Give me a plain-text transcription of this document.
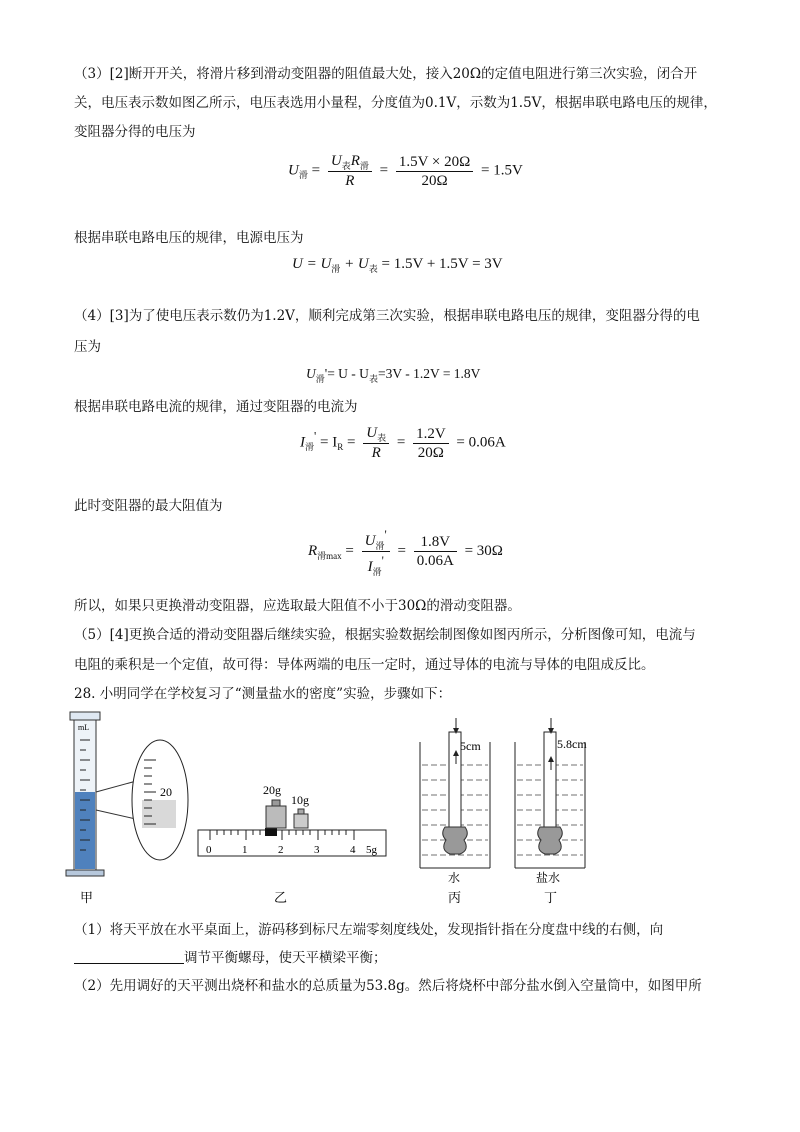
（3）[2]断开开关，将滑片移到滑动变阻器的阻值最大处，接入20Ω的定值电阻进行第三次实验，闭合开
关，电压表示数如图乙所示，电压表选用小量程，分度值为0.1V，示数为1.5V，根据串联电路电压的规律，
变阻器分得的电压为
$U_滑 = \frac{U_表R_滑}{R} = \frac{1.5V \times 20\Omega}{20\Omega} = 1.5V$
根据串联电路电压的规律，电源电压为
$U = U_滑 + U_表 = 1.5V + 1.5V = 3V$
（4）[3]为了使电压表示数仍为1.2V，顺利完成第三次实验，根据串联电路电压的规律，变阻器分得的电
压为
$U_滑'= U - U_表=3V - 1.2V = 1.8V$
根据串联电路电流的规律，通过变阻器的电流为
$I_滑' = I_R = \frac{U_表}{R} = \frac{1.2V}{20\Omega} = 0.06A$
此时变阻器的最大阻值为
$R_{滑max} = \frac{U_滑'}{I_滑'} = \frac{1.8V}{0.06A} = 30\Omega$
所以，如果只更换滑动变阻器，应选取最大阻值不小于30Ω的滑动变阻器。
（5）[4]更换合适的滑动变阻器后继续实验，根据实验数据绘制图像如图丙所示，分析图像可知，电流与
电阻的乘积是一个定值，故可得：导体两端的电压一定时，通过导体的电流与导体的电阻成反比。
28. 小明同学在学校复习了“测量盐水的密度”实验，步骤如下：
mL
20
甲
0	1	2	3	4 5g
20g
10g
乙
5cm
水
丙
5.8cm
盐水
丁
（1）将天平放在水平桌面上，游码移到标尺左端零刻度线处，发现指针指在分度盘中线的右侧，向
调节平衡螺母，使天平横梁平衡；
（2）先用调好的天平测出烧杯和盐水的总质量为53.8g。然后将烧杯中部分盐水倒入空量筒中，如图甲所
